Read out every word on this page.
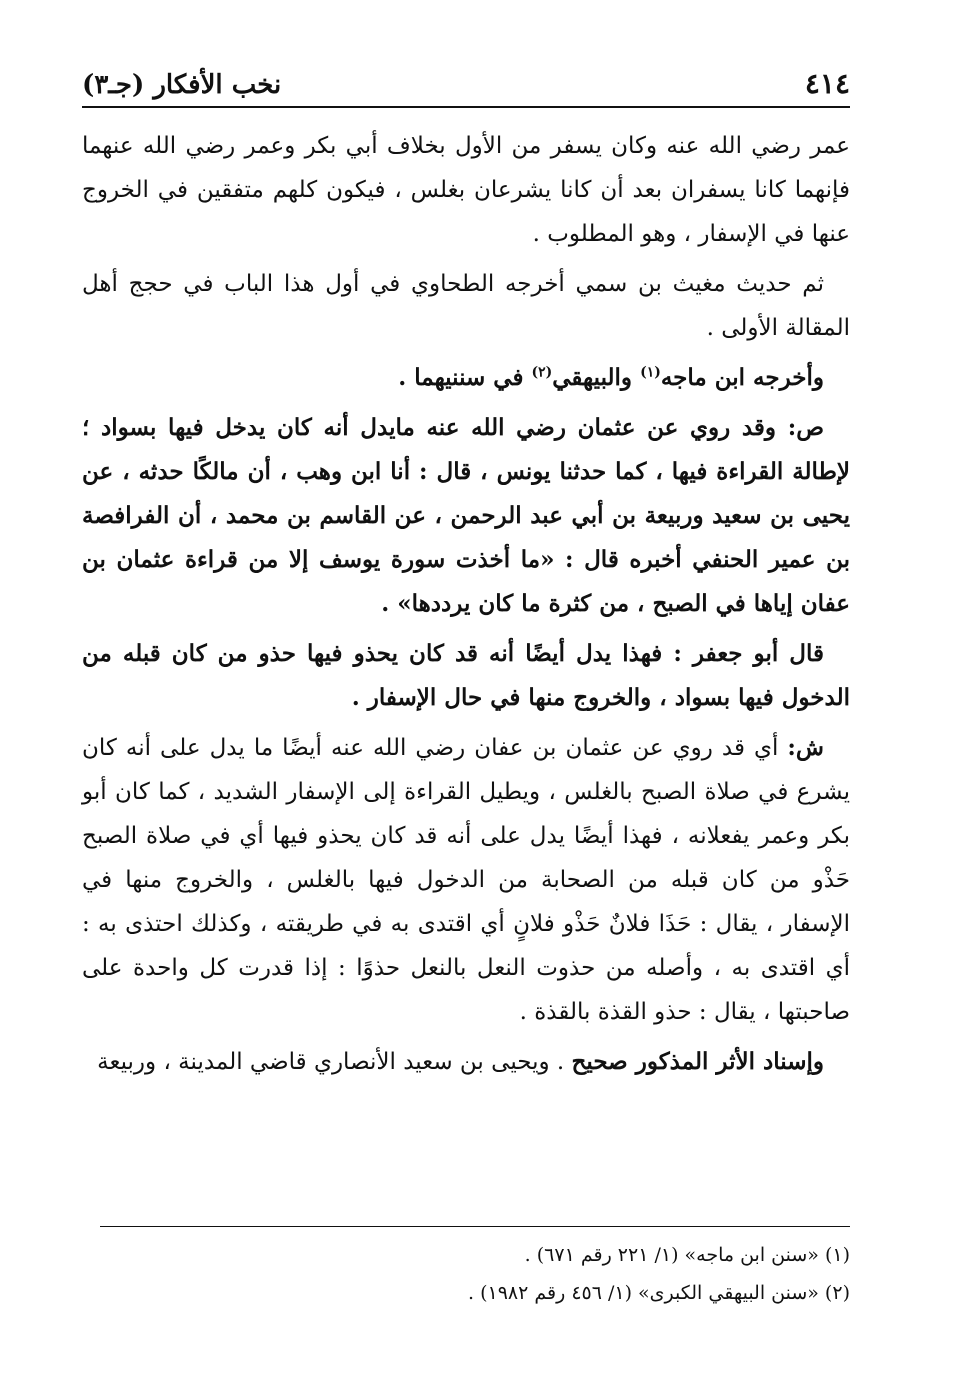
٤١٤
نخب الأفكار (جـ٣)

عمر رضي الله عنه وكان يسفر من الأول بخلاف أبي بكر وعمر رضي الله عنهما فإنهما كانا يسفران بعد أن كانا يشرعان بغلس ، فيكون كلهم متفقين في الخروج عنها في الإسفار ، وهو المطلوب .

ثم حديث مغيث بن سمي أخرجه الطحاوي في أول هذا الباب في حجج أهل المقالة الأولى .

وأخرجه ابن ماجه$^{(١)}$ والبيهقي$^{(٢)}$ في سننيهما .

ص: وقد روي عن عثمان رضي الله عنه مايدل أنه كان يدخل فيها بسواد ؛ لإطالة القراءة فيها ، كما حدثنا يونس ، قال : أنا ابن وهب ، أن مالكًا حدثه ، عن يحيى بن سعيد وربيعة بن أبي عبد الرحمن ، عن القاسم بن محمد ، أن الفرافصة بن عمير الحنفي أخبره قال : «ما أخذت سورة يوسف إلا من قراءة عثمان بن عفان إياها في الصبح ، من كثرة ما كان يرددها» .

قال أبو جعفر : فهذا يدل أيضًا أنه قد كان يحذو فيها حذو من كان قبله من الدخول فيها بسواد ، والخروج منها في حال الإسفار .

ش: أي قد روي عن عثمان بن عفان رضي الله عنه أيضًا ما يدل على أنه كان يشرع في صلاة الصبح بالغلس ، ويطيل القراءة إلى الإسفار الشديد ، كما كان أبو بكر وعمر يفعلانه ، فهذا أيضًا يدل على أنه قد كان يحذو فيها أي في صلاة الصبح حَذْو من كان قبله من الصحابة من الدخول فيها بالغلس ، والخروج منها في الإسفار ، يقال : حَذَا فلانٌ حَذْو فلانٍ أي اقتدى به في طريقته ، وكذلك احتذى به : أي اقتدى به ، وأصله من حذوت النعل بالنعل حذوًا : إذا قدرت كل واحدة على صاحبتها ، يقال : حذو القذة بالقذة .

وإسناد الأثر المذكور صحيح . ويحيى بن سعيد الأنصاري قاضي المدينة ، وربيعة

(١) «سنن ابن ماجه» (١/ ٢٢١ رقم ٦٧١) .

(٢) «سنن البيهقي الكبرى» (١/ ٤٥٦ رقم ١٩٨٢) .
